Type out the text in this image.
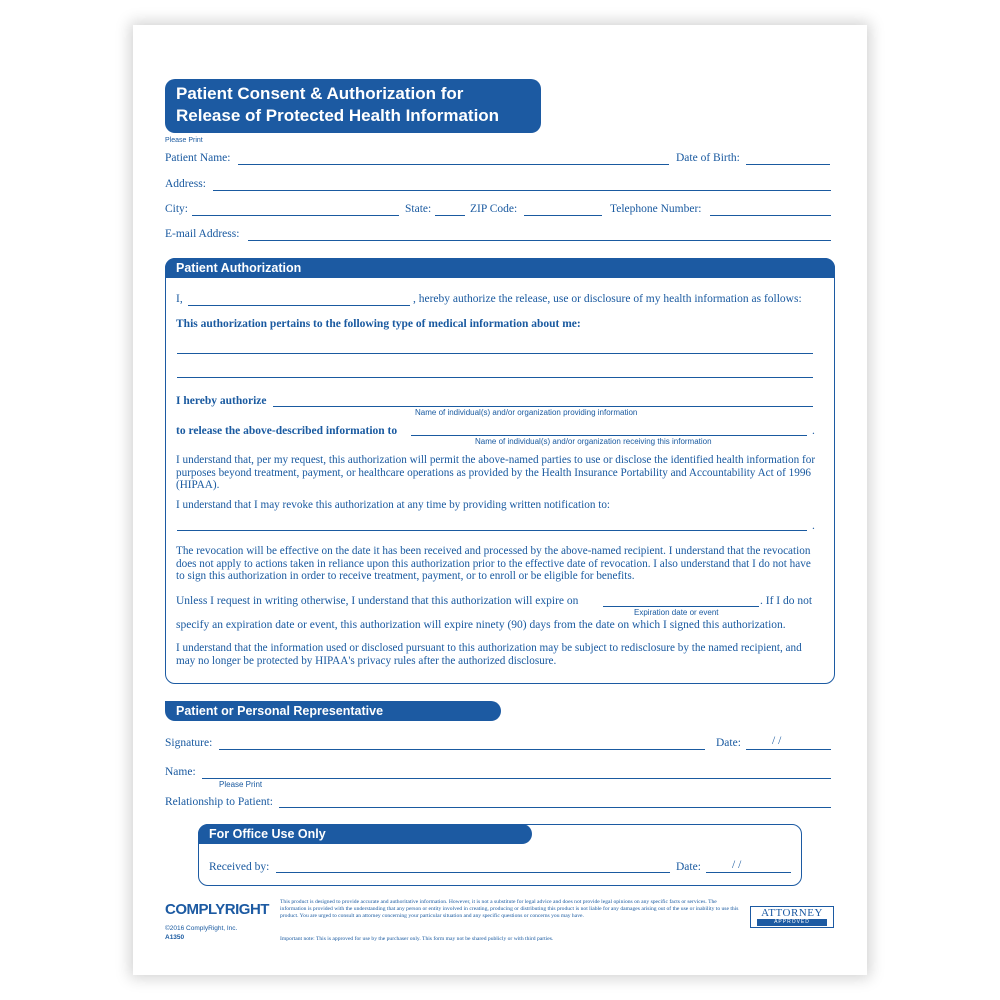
Patient Consent & Authorization for
Release of Protected Health Information
Please Print
Patient Name:	Date of Birth:
Address:
City:	State:	ZIP Code:	Telephone Number:
E-mail Address:
Patient Authorization
I,	, hereby authorize the release, use or disclosure of my health information as follows:
This authorization pertains to the following type of medical information about me:
I hereby authorize
Name of individual(s) and/or organization providing information
to release the above-described information to	.
Name of individual(s) and/or organization receiving this information
I understand that, per my request, this authorization will permit the above-named parties to use or disclose the identified health information for purposes beyond treatment, payment, or healthcare operations as provided by the Health Insurance Portability and Accountability Act of 1996 (HIPAA).
I understand that I may revoke this authorization at any time by providing written notification to:
.
The revocation will be effective on the date it has been received and processed by the above-named recipient. I understand that the revocation does not apply to actions taken in reliance upon this authorization prior to the effective date of revocation. I also understand that I do not have to sign this authorization in order to receive treatment, payment, or to enroll or be eligible for benefits.
Unless I request in writing otherwise, I understand that this authorization will expire on	. If I do not
Expiration date or event
specify an expiration date or event, this authorization will expire ninety (90) days from the date on which I signed this authorization.
I understand that the information used or disclosed pursuant to this authorization may be subject to redisclosure by the named recipient, and may no longer be protected by HIPAA's privacy rules after the authorized disclosure.
Patient or Personal Representative
Signature:	Date:	/ /
Name:
Please Print
Relationship to Patient:
For Office Use Only
Received by:	Date:	/ /
COMPLYRIGHT
©2016 ComplyRight, Inc.
A1350
This product is designed to provide accurate and authoritative information. However, it is not a substitute for legal advice and does not provide legal opinions on any specific facts or services. The information is provided with the understanding that any person or entity involved in creating, producing or distributing this product is not liable for any damages arising out of the use or inability to use this product. You are urged to consult an attorney concerning your particular situation and any specific questions or concerns you may have.
Important note: This is approved for use by the purchaser only. This form may not be shared publicly or with third parties.
ATTORNEY
APPROVED
